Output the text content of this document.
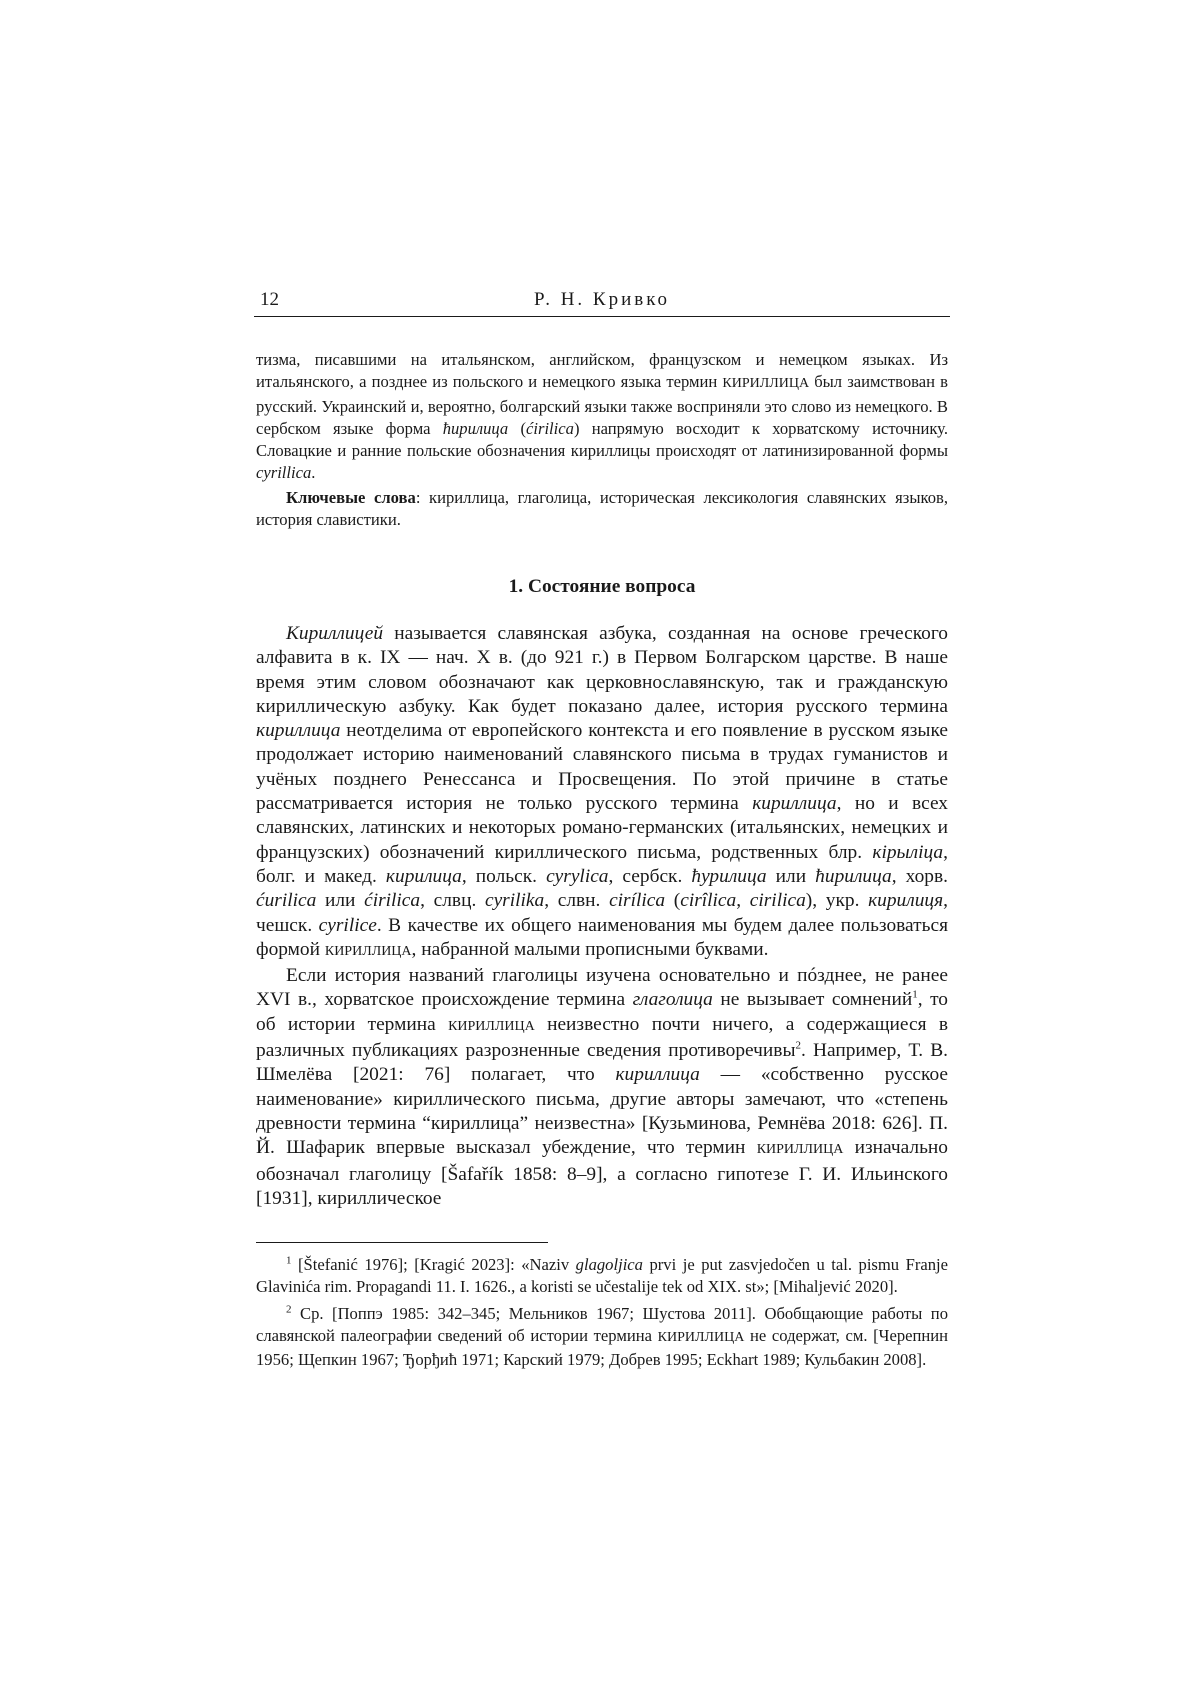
12	Р. Н. Кривко
тизма, писавшими на итальянском, английском, французском и немецком языках. Из итальянского, а позднее из польского и немецкого языка термин КИРИЛЛИЦА был заимствован в русский. Украинский и, вероятно, болгарский языки также восприняли это слово из немецкого. В сербском языке форма ћирилица (ćirilica) напрямую восходит к хорватскому источнику. Словацкие и ранние польские обозначения кириллицы происходят от латинизированной формы cyrillica.
Ключевые слова: кириллица, глаголица, историческая лексикология славянских языков, история славистики.
1. Состояние вопроса

Кириллицей называется славянская азбука, созданная на основе греческого алфавита в к. IX — нач. X в. (до 921 г.) в Первом Болгарском царстве. В наше время этим словом обозначают как церковнославянскую, так и гражданскую кириллическую азбуку. Как будет показано далее, история русского термина кириллица неотделима от европейского контекста и его появление в русском языке продолжает историю наименований славянского письма в трудах гуманистов и учёных позднего Ренессанса и Просвещения. По этой причине в статье рассматривается история не только русского термина кириллица, но и всех славянских, латинских и некоторых романо-германских (итальянских, немецких и французских) обозначений кириллического письма, родственных блр. кірыліца, болг. и макед. кирилица, польск. cyrylica, сербск. ћурилица или ћирилица, хорв. ćurilica или ćirilica, слвц. cyrilika, слвн. cirílica (cirîlica, cirilica), укр. кирилиця, чешск. cyrilice. В качестве их общего наименования мы будем далее пользоваться формой КИРИЛЛИЦА, набранной малыми прописными буквами.

Если история названий глаголицы изучена основательно и пóзднее, не ранее XVI в., хорватское происхождение термина глаголица не вызывает сомнений$^1$, то об истории термина КИРИЛЛИЦА неизвестно почти ничего, а содержащиеся в различных публикациях разрозненные сведения противоречивы$^2$. Например, Т. В. Шмелёва [2021: 76] полагает, что кириллица — «собственно русское наименование» кириллического письма, другие авторы замечают, что «степень древности термина “кириллица” неизвестна» [Кузьминова, Ремнёва 2018: 626]. П. Й. Шафарик впервые высказал убеждение, что термин КИРИЛЛИЦА изначально обозначал глаголицу [Šafařík 1858: 8–9], а согласно гипотезе Г. И. Ильинского [1931], кириллическое

$^1$ [Štefanić 1976]; [Kragić 2023]: «Naziv glagoljica prvi je put zasvjedočen u tal. pismu Franje Glavinića rim. Propagandi 11. I. 1626., a koristi se učestalije tek od XIX. st»; [Mihaljević 2020].

$^2$ Ср. [Поппэ 1985: 342–345; Мельников 1967; Шустова 2011]. Обобщающие работы по славянской палеографии сведений об истории термина КИРИЛЛИЦА не содержат, см. [Черепнин 1956; Щепкин 1967; Ђорђић 1971; Карский 1979; Добрев 1995; Eckhart 1989; Кульбакин 2008].
